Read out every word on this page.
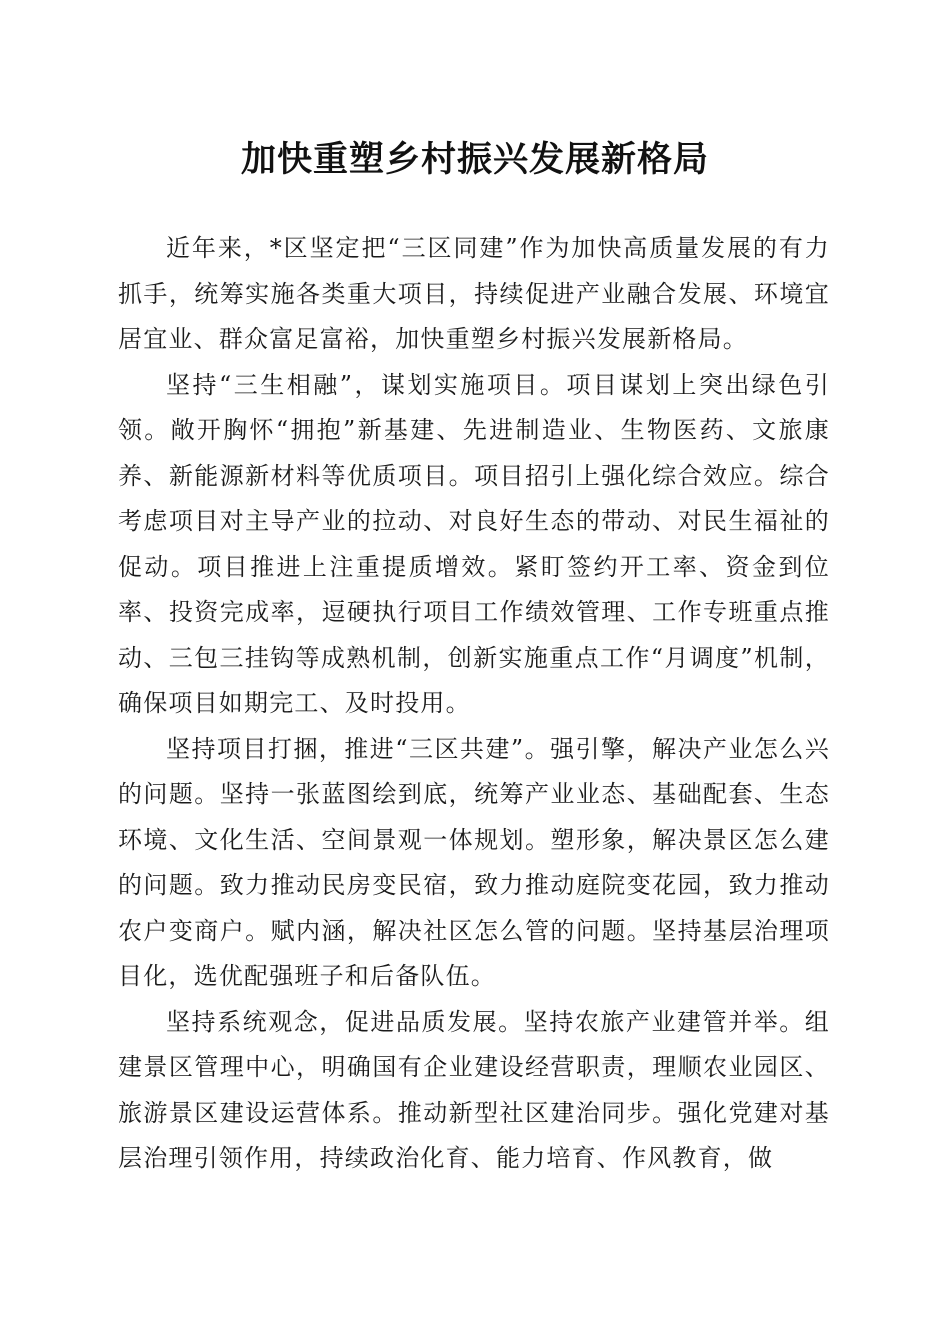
加快重塑乡村振兴发展新格局

近年来，*区坚定把“三区同建”作为加快高质量发展的有力抓手，统筹实施各类重大项目，持续促进产业融合发展、环境宜居宜业、群众富足富裕，加快重塑乡村振兴发展新格局。

坚持“三生相融”，谋划实施项目。项目谋划上突出绿色引领。敞开胸怀“拥抱”新基建、先进制造业、生物医药、文旅康养、新能源新材料等优质项目。项目招引上强化综合效应。综合考虑项目对主导产业的拉动、对良好生态的带动、对民生福祉的促动。项目推进上注重提质增效。紧盯签约开工率、资金到位率、投资完成率，逗硬执行项目工作绩效管理、工作专班重点推动、三包三挂钩等成熟机制，创新实施重点工作“月调度”机制，确保项目如期完工、及时投用。

坚持项目打捆，推进“三区共建”。强引擎，解决产业怎么兴的问题。坚持一张蓝图绘到底，统筹产业业态、基础配套、生态环境、文化生活、空间景观一体规划。塑形象，解决景区怎么建的问题。致力推动民房变民宿，致力推动庭院变花园，致力推动农户变商户。赋内涵，解决社区怎么管的问题。坚持基层治理项目化，选优配强班子和后备队伍。

坚持系统观念，促进品质发展。坚持农旅产业建管并举。组建景区管理中心，明确国有企业建设经营职责，理顺农业园区、旅游景区建设运营体系。推动新型社区建治同步。强化党建对基层治理引领作用，持续政治化育、能力培育、作风教育，做
